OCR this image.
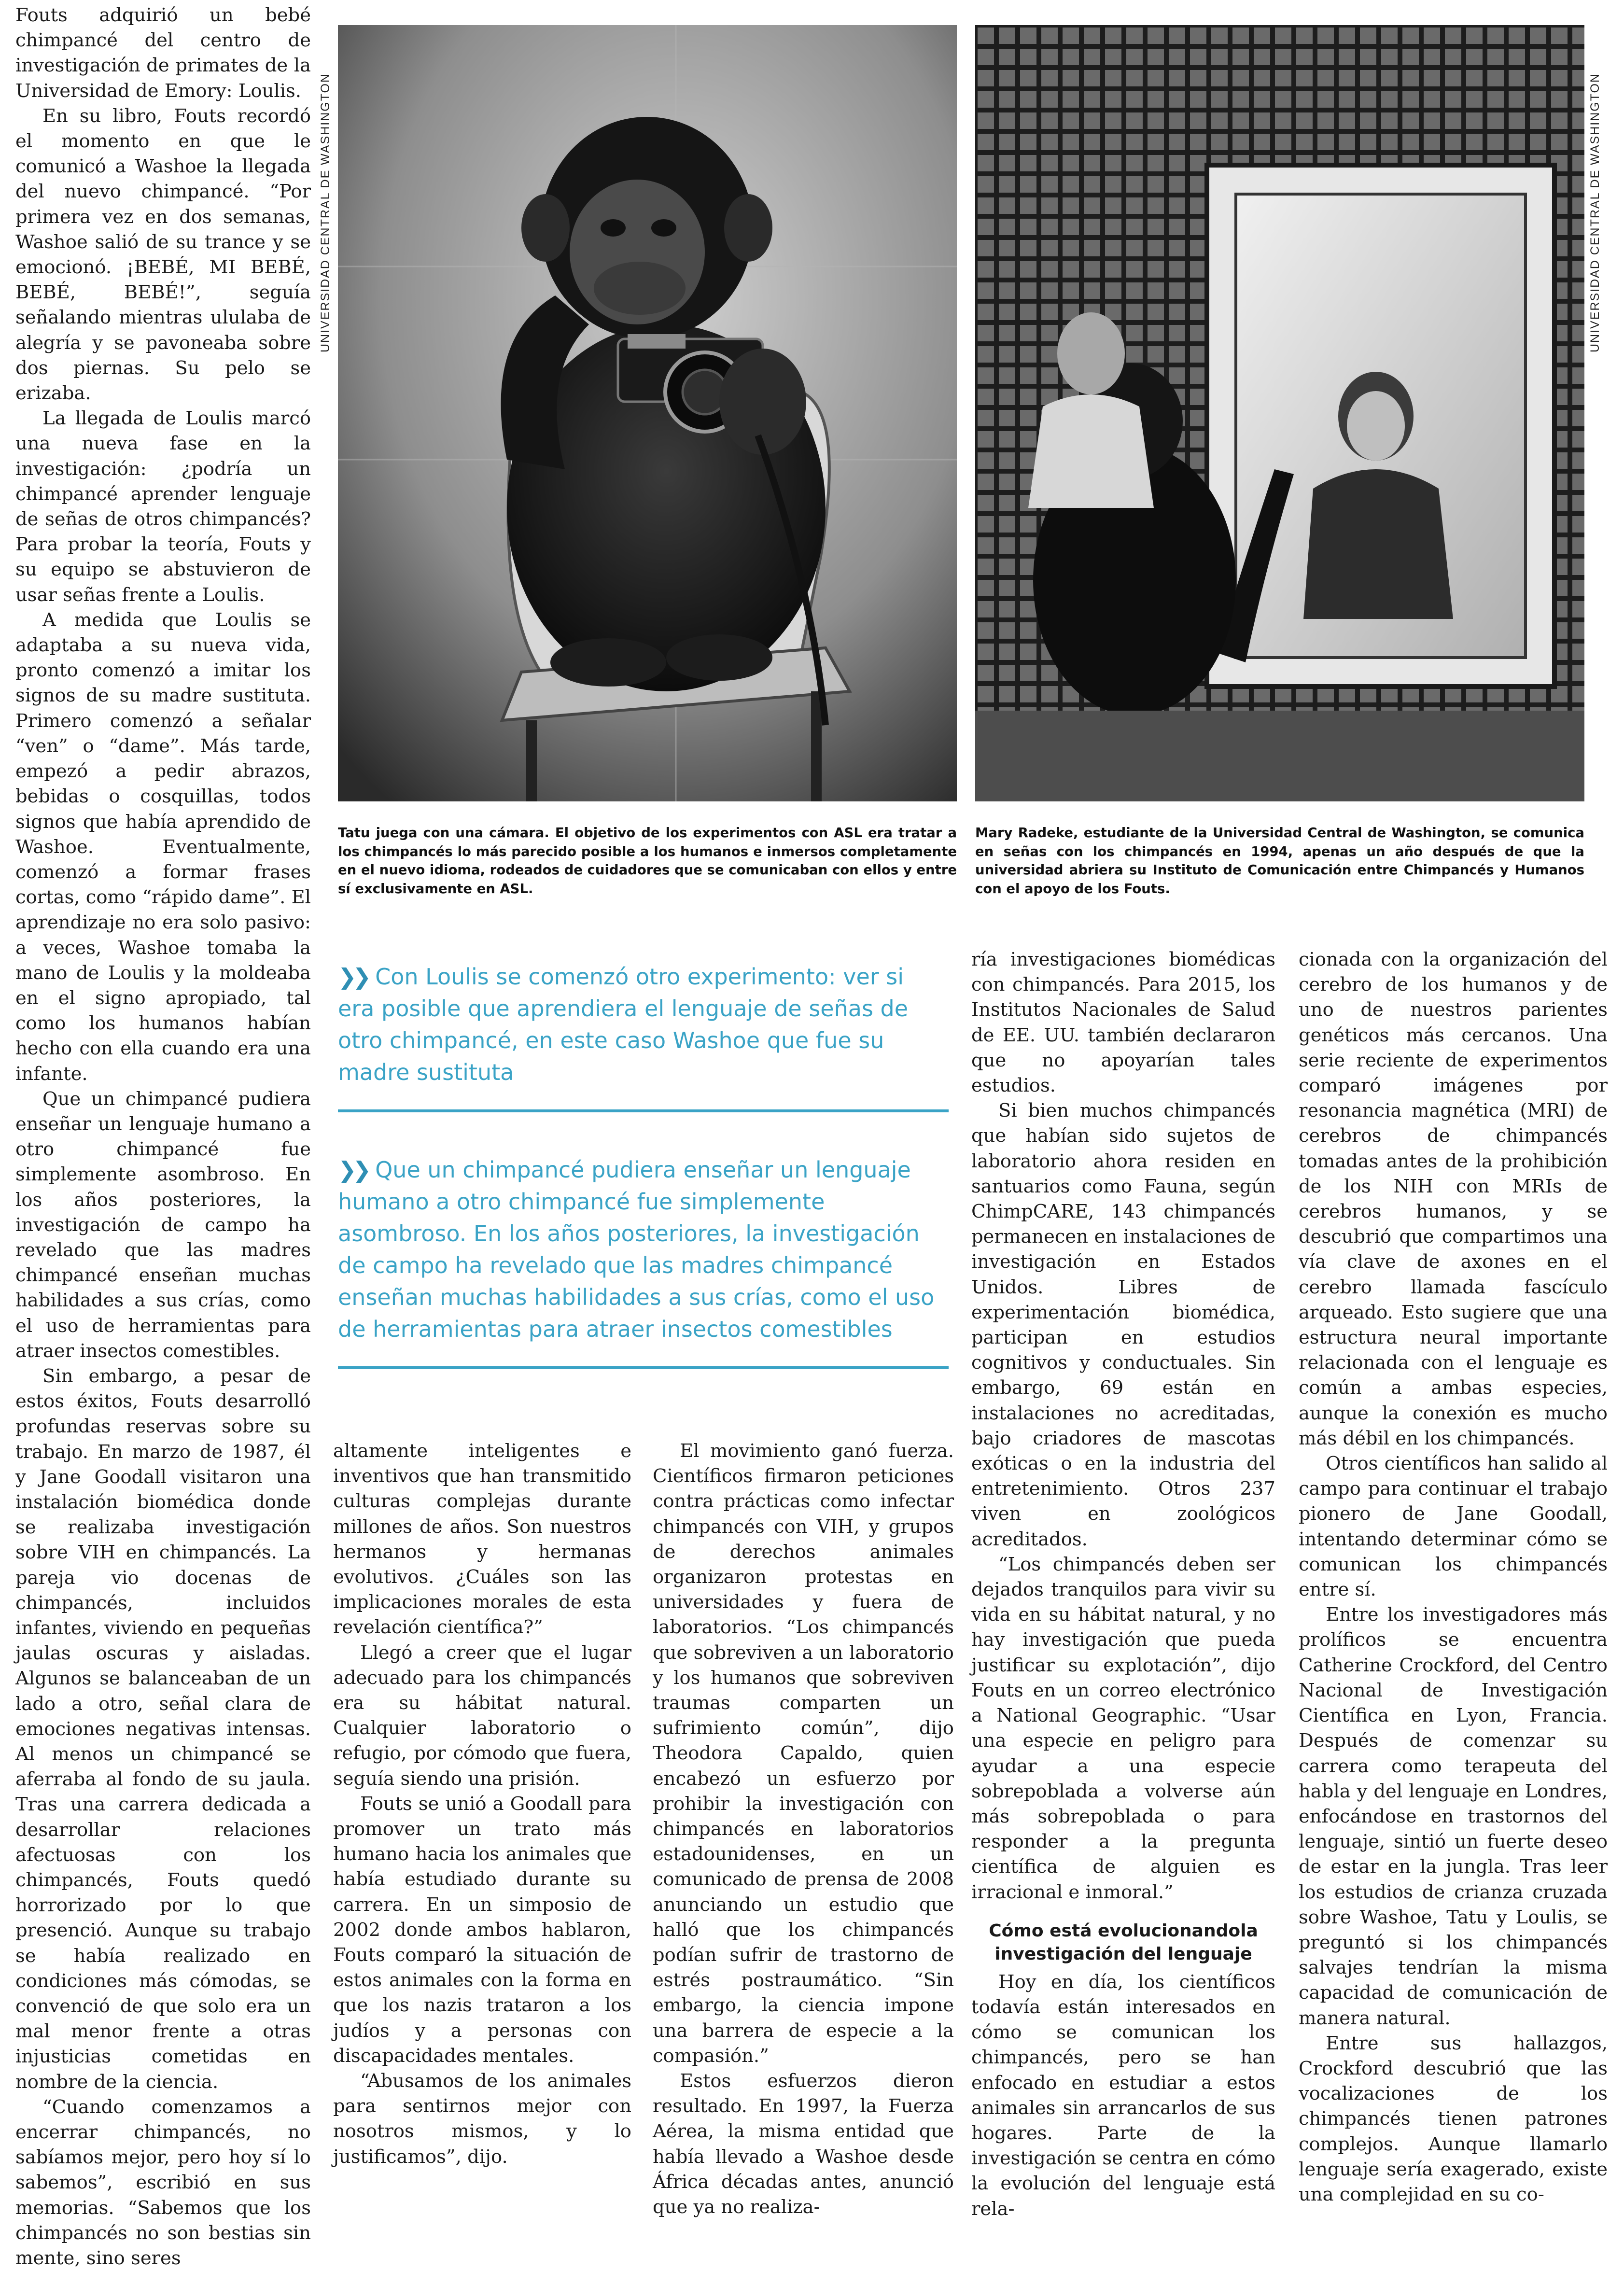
Fouts adquirió un bebé chimpancé del centro de investigación de primates de la Universidad de Emory: Loulis.

En su libro, Fouts recordó el momento en que le comunicó a Washoe la llegada del nuevo chimpancé. “Por primera vez en dos semanas, Washoe salió de su trance y se emocionó. ¡BEBÉ, MI BEBÉ, BEBÉ, BEBÉ!”, seguía señalando mientras ululaba de alegría y se pavoneaba sobre dos piernas. Su pelo se erizaba.

La llegada de Loulis marcó una nueva fase en la investigación: ¿podría un chimpancé aprender lenguaje de señas de otros chimpancés? Para probar la teoría, Fouts y su equipo se abstuvieron de usar señas frente a Loulis.

A medida que Loulis se adaptaba a su nueva vida, pronto comenzó a imitar los signos de su madre sustituta. Primero comenzó a señalar “ven” o “dame”. Más tarde, empezó a pedir abrazos, bebidas o cosquillas, todos signos que había aprendido de Washoe. Eventualmente, comenzó a formar frases cortas, como “rápido dame”. El aprendizaje no era solo pasivo: a veces, Washoe tomaba la mano de Loulis y la moldeaba en el signo apropiado, tal como los humanos habían hecho con ella cuando era una infante.

Que un chimpancé pudiera enseñar un lenguaje humano a otro chimpancé fue simplemente asombroso. En los años posteriores, la investigación de campo ha revelado que las madres chimpancé enseñan muchas habilidades a sus crías, como el uso de herramientas para atraer insectos comestibles.

Sin embargo, a pesar de estos éxitos, Fouts desarrolló profundas reservas sobre su trabajo. En marzo de 1987, él y Jane Goodall visitaron una instalación biomédica donde se realizaba investigación sobre VIH en chimpancés. La pareja vio docenas de chimpancés, incluidos infantes, viviendo en pequeñas jaulas oscuras y aisladas. Algunos se balanceaban de un lado a otro, señal clara de emociones negativas intensas. Al menos un chimpancé se aferraba al fondo de su jaula. Tras una carrera dedicada a desarrollar relaciones afectuosas con los chimpancés, Fouts quedó horrorizado por lo que presenció. Aunque su trabajo se había realizado en condiciones más cómodas, se convenció de que solo era un mal menor frente a otras injusticias cometidas en nombre de la ciencia.

“Cuando comenzamos a encerrar chimpancés, no sabíamos mejor, pero hoy sí lo sabemos”, escribió en sus memorias. “Sabemos que los chimpancés no son bestias sin mente, sino seres

UNIVERSIDAD CENTRAL DE WASHINGTON	UNIVERSIDAD CENTRAL DE WASHINGTON
Tatu juega con una cámara. El objetivo de los experimentos con ASL era tratar a los chimpancés lo más parecido posible a los humanos e inmersos completamente en el nuevo idioma, rodeados de cuidadores que se comunicaban con ellos y entre sí exclusivamente en ASL.
Mary Radeke, estudiante de la Universidad Central de Washington, se comunica en señas con los chimpancés en 1994, apenas un año después de que la universidad abriera su Instituto de Comunicación entre Chimpancés y Humanos con el apoyo de los Fouts.
❯❯ Con Loulis se comenzó otro experimento: ver si era posible que aprendiera el lenguaje de señas de otro chimpancé, en este caso Washoe que fue su madre sustituta
❯❯ Que un chimpancé pudiera enseñar un lenguaje humano a otro chimpancé fue simplemente asombroso. En los años posteriores, la investigación de campo ha revelado que las madres chimpancé enseñan muchas habilidades a sus crías, como el uso de herramientas para atraer insectos comestibles

altamente inteligentes e inventivos que han transmitido culturas complejas durante millones de años. Son nuestros hermanos y hermanas evolutivos. ¿Cuáles son las implicaciones morales de esta revelación científica?”

Llegó a creer que el lugar adecuado para los chimpancés era su hábitat natural. Cualquier laboratorio o refugio, por cómodo que fuera, seguía siendo una prisión.

Fouts se unió a Goodall para promover un trato más humano hacia los animales que había estudiado durante su carrera. En un simposio de 2002 donde ambos hablaron, Fouts comparó la situación de estos animales con la forma en que los nazis trataron a los judíos y a personas con discapacidades mentales.

“Abusamos de los animales para sentirnos mejor con nosotros mismos, y lo justificamos”, dijo.

El movimiento ganó fuerza. Científicos firmaron peticiones contra prácticas como infectar chimpancés con VIH, y grupos de derechos animales organizaron protestas en universidades y fuera de laboratorios. “Los chimpancés que sobreviven a un laboratorio y los humanos que sobreviven traumas comparten un sufrimiento común”, dijo Theodora Capaldo, quien encabezó un esfuerzo por prohibir la investigación con chimpancés en laboratorios estadounidenses, en un comunicado de prensa de 2008 anunciando un estudio que halló que los chimpancés podían sufrir de trastorno de estrés postraumático. “Sin embargo, la ciencia impone una barrera de especie a la compasión.”

Estos esfuerzos dieron resultado. En 1997, la Fuerza Aérea, la misma entidad que había llevado a Washoe desde África décadas antes, anunció que ya no realiza-

ría investigaciones biomédicas con chimpancés. Para 2015, los Institutos Nacionales de Salud de EE. UU. también declararon que no apoyarían tales estudios.

Si bien muchos chimpancés que habían sido sujetos de laboratorio ahora residen en santuarios como Fauna, según ChimpCARE, 143 chimpancés permanecen en instalaciones de investigación en Estados Unidos. Libres de experimentación biomédica, participan en estudios cognitivos y conductuales. Sin embargo, 69 están en instalaciones no acreditadas, bajo criadores de mascotas exóticas o en la industria del entretenimiento. Otros 237 viven en zoológicos acreditados.

“Los chimpancés deben ser dejados tranquilos para vivir su vida en su hábitat natural, y no hay investigación que pueda justificar su explotación”, dijo Fouts en un correo electrónico a National Geographic. “Usar una especie en peligro para ayudar a una especie sobrepoblada a volverse aún más sobrepoblada o para responder a la pregunta científica de alguien es irracional e inmoral.”

Cómo está evolucionandola investigación del lenguaje

Hoy en día, los científicos todavía están interesados en cómo se comunican los chimpancés, pero se han enfocado en estudiar a estos animales sin arrancarlos de sus hogares. Parte de la investigación se centra en cómo la evolución del lenguaje está rela-

cionada con la organización del cerebro de los humanos y de uno de nuestros parientes genéticos más cercanos. Una serie reciente de experimentos comparó imágenes por resonancia magnética (MRI) de cerebros de chimpancés tomadas antes de la prohibición de los NIH con MRIs de cerebros humanos, y se descubrió que compartimos una vía clave de axones en el cerebro llamada fascículo arqueado. Esto sugiere que una estructura neural importante relacionada con el lenguaje es común a ambas especies, aunque la conexión es mucho más débil en los chimpancés.

Otros científicos han salido al campo para continuar el trabajo pionero de Jane Goodall, intentando determinar cómo se comunican los chimpancés entre sí.

Entre los investigadores más prolíficos se encuentra Catherine Crockford, del Centro Nacional de Investigación Científica en Lyon, Francia. Después de comenzar su carrera como terapeuta del habla y del lenguaje en Londres, enfocándose en trastornos del lenguaje, sintió un fuerte deseo de estar en la jungla. Tras leer los estudios de crianza cruzada sobre Washoe, Tatu y Loulis, se preguntó si los chimpancés salvajes tendrían la misma capacidad de comunicación de manera natural.

Entre sus hallazgos, Crockford descubrió que las vocalizaciones de los chimpancés tienen patrones complejos. Aunque llamarlo lenguaje sería exagerado, existe una complejidad en su co-
